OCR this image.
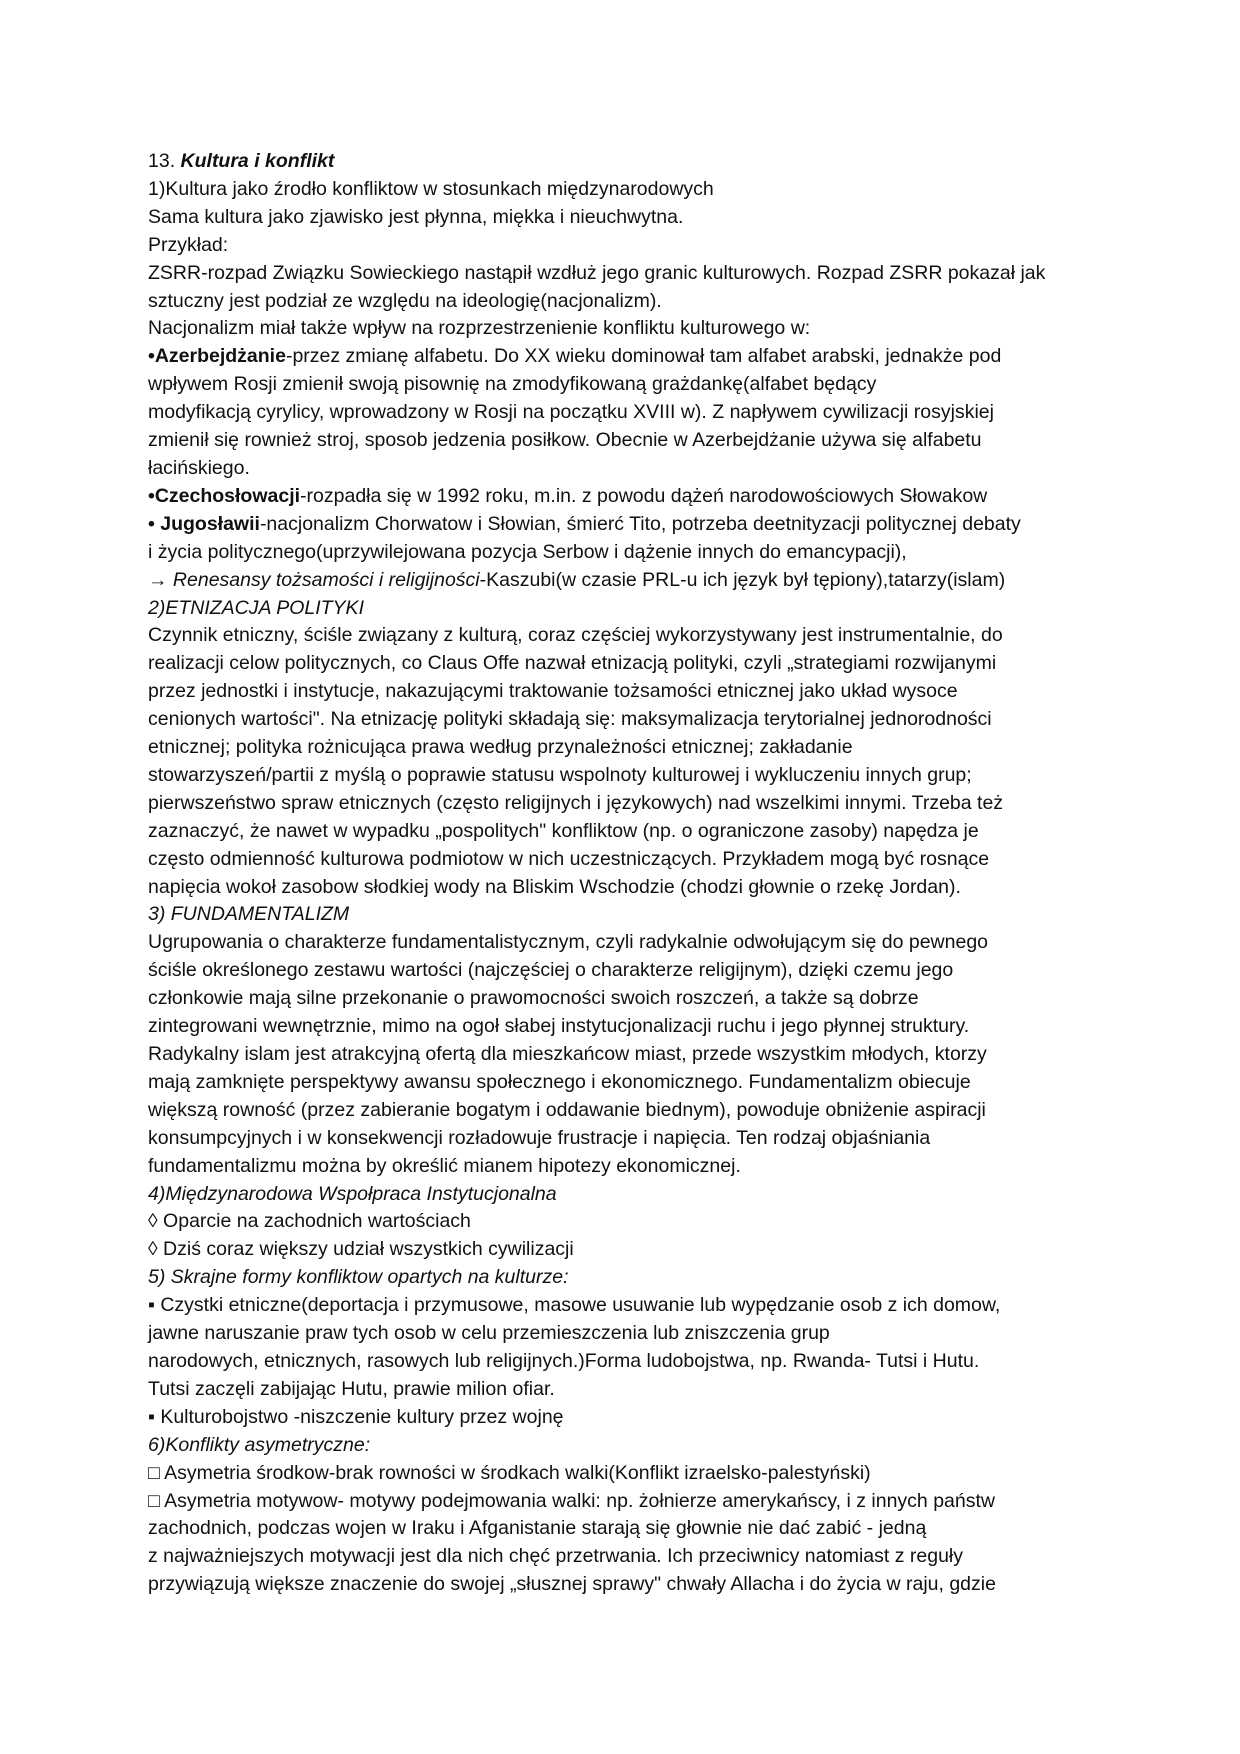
13. Kultura i konflikt
1)Kultura jako źrodło konfliktow w stosunkach międzynarodowych
Sama kultura jako zjawisko jest płynna, miękka i nieuchwytna.
Przykład:
ZSRR-rozpad Związku Sowieckiego nastąpił wzdłuż jego granic kulturowych. Rozpad ZSRR pokazał jak
sztuczny jest podział ze względu na ideologię(nacjonalizm).
Nacjonalizm miał także wpływ na rozprzestrzenienie konfliktu kulturowego w:
•Azerbejdżanie-przez zmianę alfabetu. Do XX wieku dominował tam alfabet arabski, jednakże pod
wpływem Rosji zmienił swoją pisownię na zmodyfikowaną grażdankę(alfabet będący
modyfikacją cyrylicy, wprowadzony w Rosji na początku XVIII w). Z napływem cywilizacji rosyjskiej
zmienił się rownież stroj, sposob jedzenia posiłkow. Obecnie w Azerbejdżanie używa się alfabetu
łacińskiego.
•Czechosłowacji-rozpadła się w 1992 roku, m.in. z powodu dążeń narodowościowych Słowakow
• Jugosławii-nacjonalizm Chorwatow i Słowian, śmierć Tito, potrzeba deetnityzacji politycznej debaty
i życia politycznego(uprzywilejowana pozycja Serbow i dążenie innych do emancypacji),
→ Renesansy tożsamości i religijności-Kaszubi(w czasie PRL-u ich język był tępiony),tatarzy(islam)
2)ETNIZACJA POLITYKI
Czynnik etniczny, ściśle związany z kulturą, coraz częściej wykorzystywany jest instrumentalnie, do
realizacji celow politycznych, co Claus Offe nazwał etnizacją polityki, czyli „strategiami rozwijanymi
przez jednostki i instytucje, nakazującymi traktowanie tożsamości etnicznej jako układ wysoce
cenionych wartości". Na etnizację polityki składają się: maksymalizacja terytorialnej jednorodności
etnicznej; polityka rożnicująca prawa według przynależności etnicznej; zakładanie
stowarzyszeń/partii z myślą o poprawie statusu wspolnoty kulturowej i wykluczeniu innych grup;
pierwszeństwo spraw etnicznych (często religijnych i językowych) nad wszelkimi innymi. Trzeba też
zaznaczyć, że nawet w wypadku „pospolitych" konfliktow (np. o ograniczone zasoby) napędza je
często odmienność kulturowa podmiotow w nich uczestniczących. Przykładem mogą być rosnące
napięcia wokoł zasobow słodkiej wody na Bliskim Wschodzie (chodzi głownie o rzekę Jordan).
3) FUNDAMENTALIZM
Ugrupowania o charakterze fundamentalistycznym, czyli radykalnie odwołującym się do pewnego
ściśle określonego zestawu wartości (najczęściej o charakterze religijnym), dzięki czemu jego
członkowie mają silne przekonanie o prawomocności swoich roszczeń, a także są dobrze
zintegrowani wewnętrznie, mimo na ogoł słabej instytucjonalizacji ruchu i jego płynnej struktury.
Radykalny islam jest atrakcyjną ofertą dla mieszkańcow miast, przede wszystkim młodych, ktorzy
mają zamknięte perspektywy awansu społecznego i ekonomicznego. Fundamentalizm obiecuje
większą rowność (przez zabieranie bogatym i oddawanie biednym), powoduje obniżenie aspiracji
konsumpcyjnych i w konsekwencji rozładowuje frustracje i napięcia. Ten rodzaj objaśniania
fundamentalizmu można by określić mianem hipotezy ekonomicznej.
4)Międzynarodowa Wspołpraca Instytucjonalna
◊ Oparcie na zachodnich wartościach
◊ Dziś coraz większy udział wszystkich cywilizacji
5) Skrajne formy konfliktow opartych na kulturze:
▪ Czystki etniczne(deportacja i przymusowe, masowe usuwanie lub wypędzanie osob z ich domow,
jawne naruszanie praw tych osob w celu przemieszczenia lub zniszczenia grup
narodowych, etnicznych, rasowych lub religijnych.)Forma ludobojstwa, np. Rwanda- Tutsi i Hutu.
Tutsi zaczęli zabijając Hutu, prawie milion ofiar.
▪ Kulturobojstwo -niszczenie kultury przez wojnę
6)Konflikty asymetryczne:
□ Asymetria środkow-brak rowności w środkach walki(Konflikt izraelsko-palestyński)
□ Asymetria motywow- motywy podejmowania walki: np. żołnierze amerykańscy, i z innych państw
zachodnich, podczas wojen w Iraku i Afganistanie starają się głownie nie dać zabić - jedną
z najważniejszych motywacji jest dla nich chęć przetrwania. Ich przeciwnicy natomiast z reguły
przywiązują większe znaczenie do swojej „słusznej sprawy" chwały Allacha i do życia w raju, gdzie
